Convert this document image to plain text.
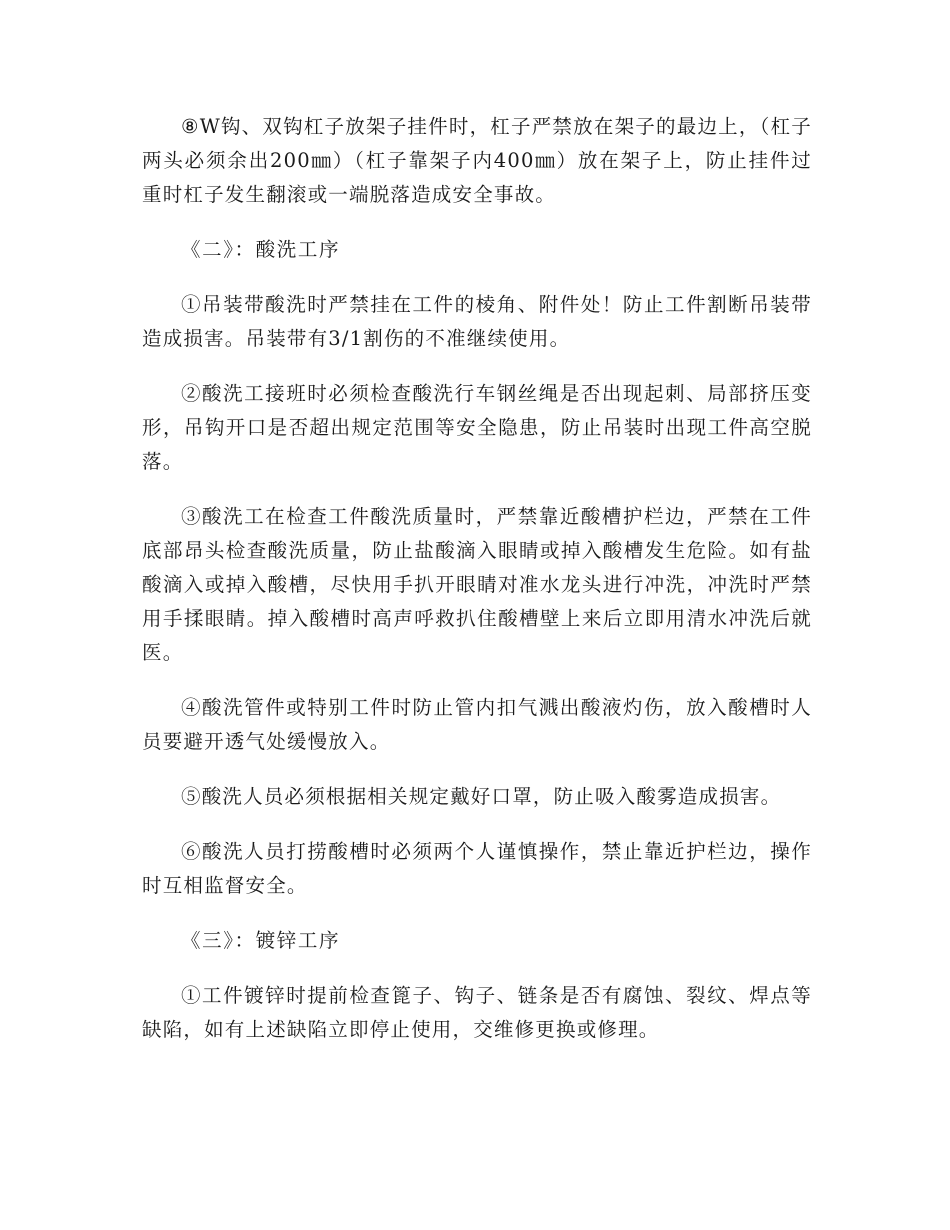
⑧W钩、双钩杠子放架子挂件时，杠子严禁放在架子的最边上，（杠子两头必须余出200㎜）（杠子靠架子内400㎜）放在架子上，防止挂件过重时杠子发生翻滚或一端脱落造成安全事故。

《二》：酸洗工序

①吊装带酸洗时严禁挂在工件的棱角、附件处！防止工件割断吊装带造成损害。吊装带有3/1割伤的不准继续使用。

②酸洗工接班时必须检查酸洗行车钢丝绳是否出现起刺、局部挤压变形，吊钩开口是否超出规定范围等安全隐患，防止吊装时出现工件高空脱落。

③酸洗工在检查工件酸洗质量时，严禁靠近酸槽护栏边，严禁在工件底部昂头检查酸洗质量，防止盐酸滴入眼睛或掉入酸槽发生危险。如有盐酸滴入或掉入酸槽，尽快用手扒开眼睛对准水龙头进行冲洗，冲洗时严禁用手揉眼睛。掉入酸槽时高声呼救扒住酸槽壁上来后立即用清水冲洗后就医。

④酸洗管件或特别工件时防止管内扣气溅出酸液灼伤，放入酸槽时人员要避开透气处缓慢放入。

⑤酸洗人员必须根据相关规定戴好口罩，防止吸入酸雾造成损害。

⑥酸洗人员打捞酸槽时必须两个人谨慎操作，禁止靠近护栏边，操作时互相监督安全。

《三》：镀锌工序

①工件镀锌时提前检查篦子、钩子、链条是否有腐蚀、裂纹、焊点等缺陷，如有上述缺陷立即停止使用，交维修更换或修理。
